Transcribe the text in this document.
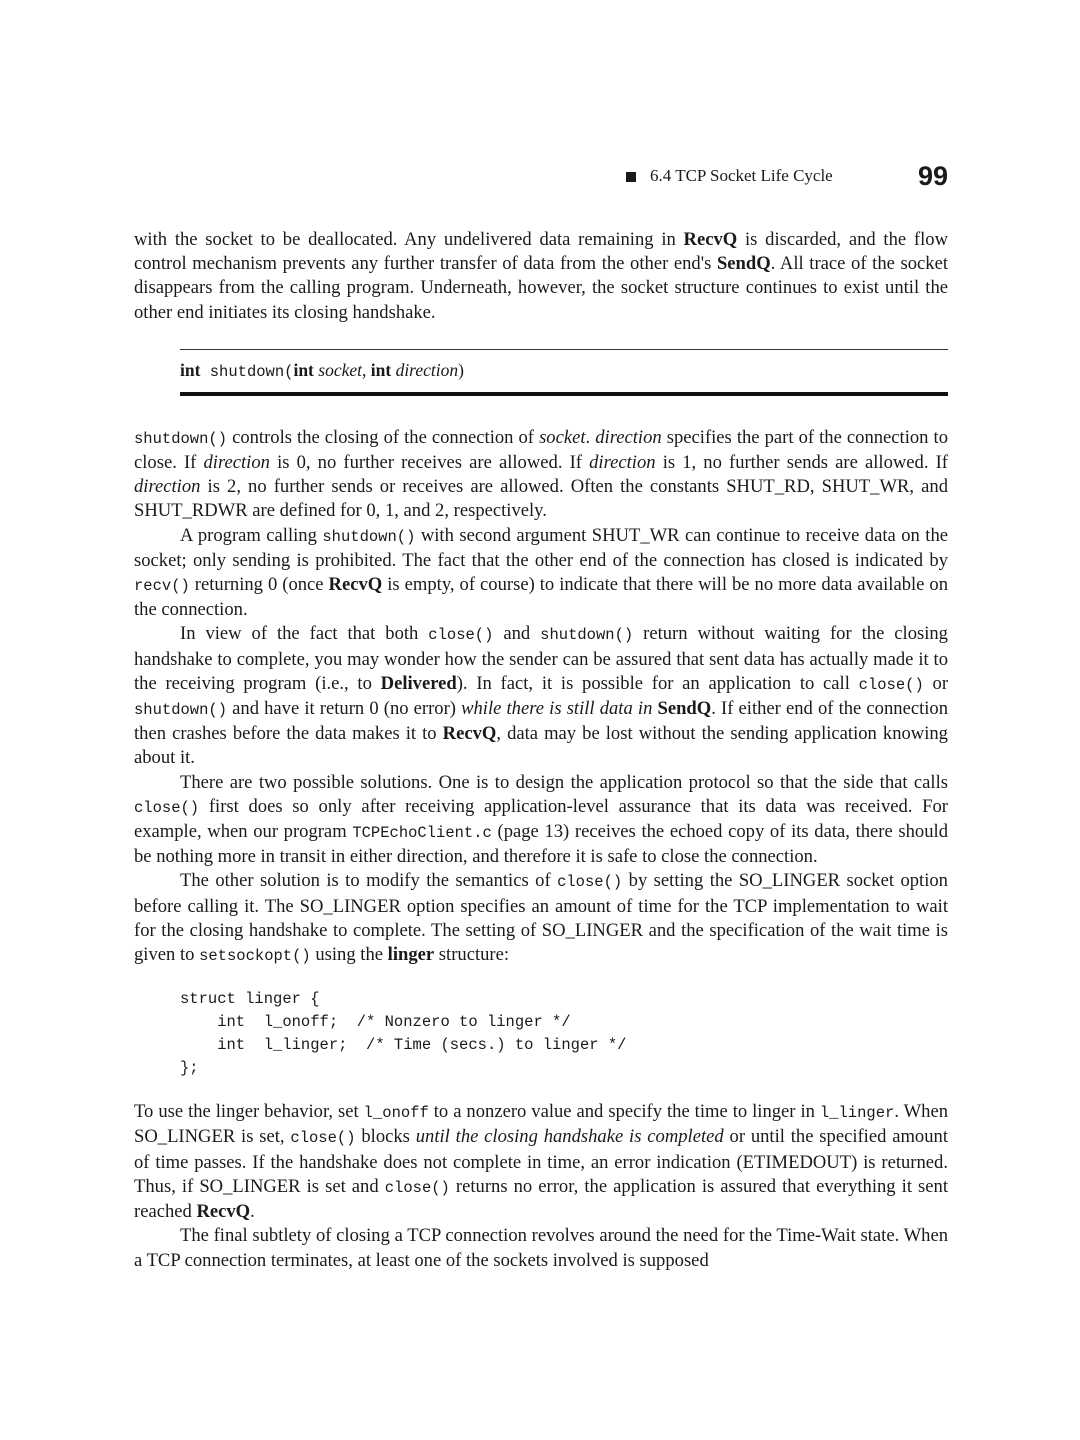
6.4 TCP Socket Life Cycle	99

with the socket to be deallocated. Any undelivered data remaining in RecvQ is discarded, and the flow control mechanism prevents any further transfer of data from the other end's SendQ. All trace of the socket disappears from the calling program. Underneath, however, the socket structure continues to exist until the other end initiates its closing handshake.

int shutdown(int socket, int direction)

shutdown() controls the closing of the connection of socket. direction specifies the part of the connection to close. If direction is 0, no further receives are allowed. If direction is 1, no further sends are allowed. If direction is 2, no further sends or receives are allowed. Often the constants SHUT_RD, SHUT_WR, and SHUT_RDWR are defined for 0, 1, and 2, respectively.

A program calling shutdown() with second argument SHUT_WR can continue to receive data on the socket; only sending is prohibited. The fact that the other end of the connection has closed is indicated by recv() returning 0 (once RecvQ is empty, of course) to indicate that there will be no more data available on the connection.

In view of the fact that both close() and shutdown() return without waiting for the closing handshake to complete, you may wonder how the sender can be assured that sent data has actually made it to the receiving program (i.e., to Delivered). In fact, it is possible for an application to call close() or shutdown() and have it return 0 (no error) while there is still data in SendQ. If either end of the connection then crashes before the data makes it to RecvQ, data may be lost without the sending application knowing about it.

There are two possible solutions. One is to design the application protocol so that the side that calls close() first does so only after receiving application-level assurance that its data was received. For example, when our program TCPEchoClient.c (page 13) receives the echoed copy of its data, there should be nothing more in transit in either direction, and therefore it is safe to close the connection.

The other solution is to modify the semantics of close() by setting the SO_LINGER socket option before calling it. The SO_LINGER option specifies an amount of time for the TCP implementation to wait for the closing handshake to complete. The setting of SO_LINGER and the specification of the wait time is given to setsockopt() using the linger structure:

struct linger {
int  l_onoff;  /* Nonzero to linger */
int  l_linger;  /* Time (secs.) to linger */
};

To use the linger behavior, set l_onoff to a nonzero value and specify the time to linger in l_linger. When SO_LINGER is set, close() blocks until the closing handshake is completed or until the specified amount of time passes. If the handshake does not complete in time, an error indication (ETIMEDOUT) is returned. Thus, if SO_LINGER is set and close() returns no error, the application is assured that everything it sent reached RecvQ.

The final subtlety of closing a TCP connection revolves around the need for the Time-Wait state. When a TCP connection terminates, at least one of the sockets involved is supposed
